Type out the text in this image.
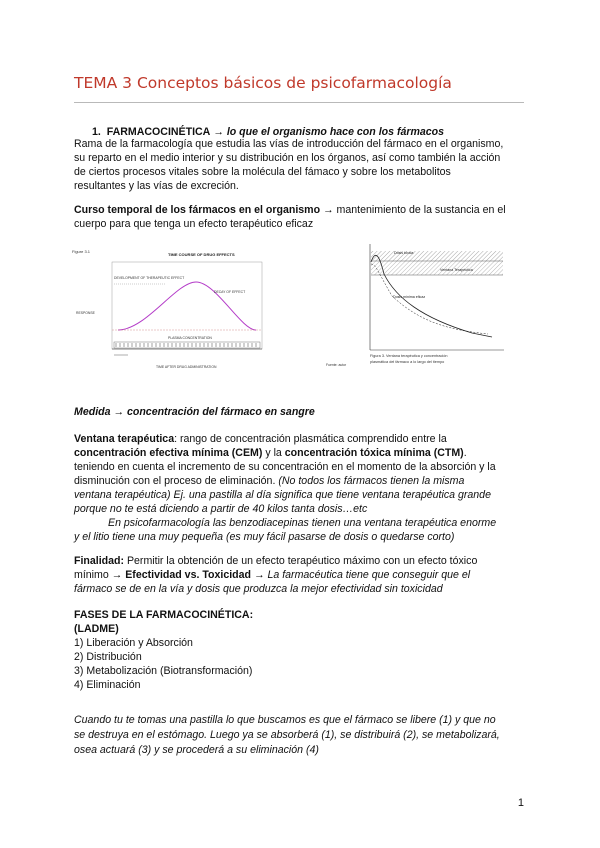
TEMA 3 Conceptos básicos de psicofarmacología
1. FARMACOCINÉTICA → lo que el organismo hace con los fármacos
Rama de la farmacología que estudia las vías de introducción del fármaco en el organismo,
su reparto en el medio interior y su distribución en los órganos, así como también la acción
de ciertos procesos vitales sobre la molécula del fámaco y sobre los metabolitos
resultantes y las vías de excreción.
Curso temporal de los fármacos en el organismo → mantenimiento de la sustancia en el
cuerpo para que tenga un efecto terapéutico eficaz
Figure 3.1
TIME COURSE OF DRUG EFFECTS
DEVELOPMENT OF THERAPEUTIC EFFECT
DECAY OF EFFECT
PLASMA CONCENTRATION
RESPONSE
TIME AFTER DRUG ADMINISTRATION
Dosis tóxica
Ventana Terapéutica
Dosis mínima eficaz
Figura 3. Ventana terapéutica y concentración
plasmática del fármaco a lo largo del tiempo
Fuente: autor
Medida → concentración del fármaco en sangre
Ventana terapéutica: rango de concentración plasmática comprendido entre la
concentración efectiva mínima (CEM) y la concentración tóxica mínima (CTM).
teniendo en cuenta el incremento de su concentración en el momento de la absorción y la
disminución con el proceso de eliminación. (No todos los fármacos tienen la misma
ventana terapéutica) Ej. una pastilla al día significa que tiene ventana terapéutica grande
porque no te está diciendo a partir de 40 kilos tanta dosis…etc
En psicofarmacología las benzodiacepinas tienen una ventana terapéutica enorme
y el litio tiene una muy pequeña (es muy fácil pasarse de dosis o quedarse corto)
Finalidad: Permitir la obtención de un efecto terapéutico máximo con un efecto tóxico
mínimo → Efectividad vs. Toxicidad → La farmacéutica tiene que conseguir que el
fármaco se de en la vía y dosis que produzca la mejor efectividad sin toxicidad
FASES DE LA FARMACOCINÉTICA:
(LADME)
1) Liberación y Absorción
2) Distribución
3) Metabolización (Biotransformación)
4) Eliminación
Cuando tu te tomas una pastilla lo que buscamos es que el fármaco se libere (1) y que no
se destruya en el estómago. Luego ya se absorberá (1), se distribuirá (2), se metabolizará,
osea actuará (3) y se procederá a su eliminación (4)
1
